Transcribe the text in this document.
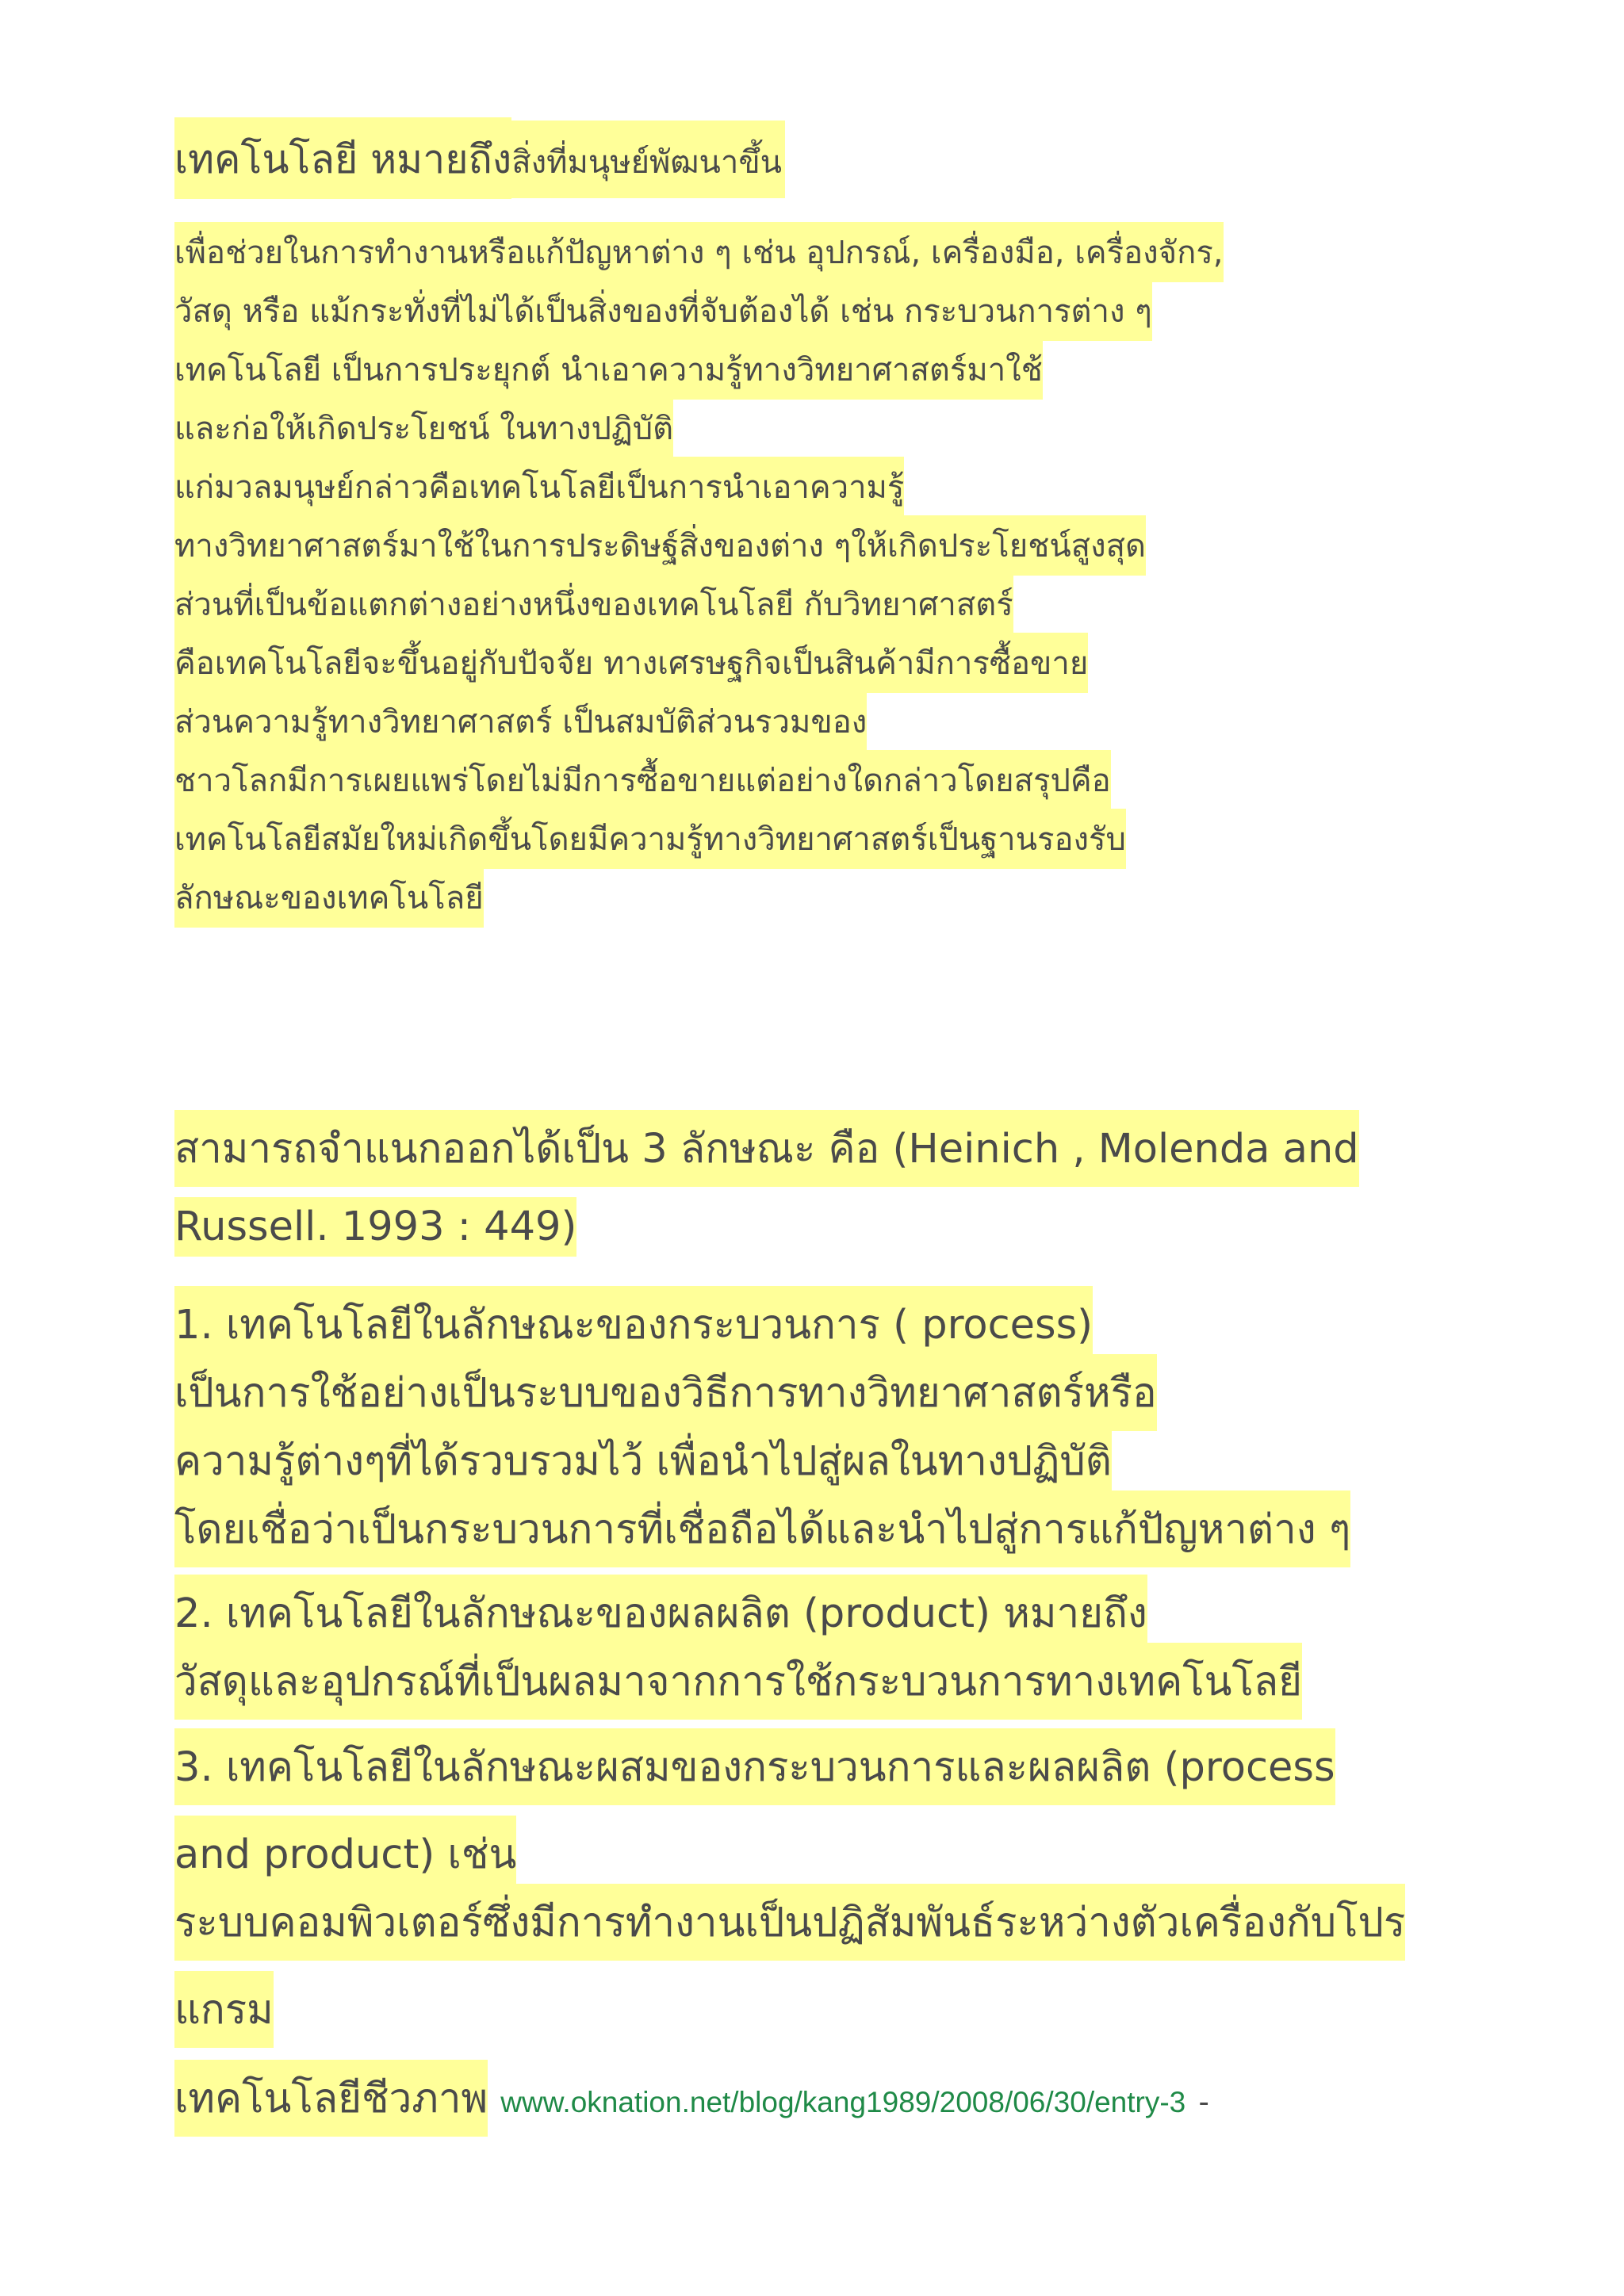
เทคโนโลยี หมายถึงสิ่งที่มนุษย์พัฒนาขึ้น
เพื่อช่วยในการทำงานหรือแก้ปัญหาต่าง ๆ เช่น อุปกรณ์, เครื่องมือ, เครื่องจักร,
วัสดุ หรือ แม้กระทั่งที่ไม่ได้เป็นสิ่งของที่จับต้องได้ เช่น กระบวนการต่าง ๆ
เทคโนโลยี เป็นการประยุกต์ นำเอาความรู้ทางวิทยาศาสตร์มาใช้
และก่อให้เกิดประโยชน์ ในทางปฏิบัติ
แก่มวลมนุษย์กล่าวคือเทคโนโลยีเป็นการนำเอาความรู้
ทางวิทยาศาสตร์มาใช้ในการประดิษฐ์สิ่งของต่าง ๆให้เกิดประโยชน์สูงสุด
ส่วนที่เป็นข้อแตกต่างอย่างหนึ่งของเทคโนโลยี กับวิทยาศาสตร์
คือเทคโนโลยีจะขึ้นอยู่กับปัจจัย ทางเศรษฐกิจเป็นสินค้ามีการซื้อขาย
ส่วนความรู้ทางวิทยาศาสตร์ เป็นสมบัติส่วนรวมของ
ชาวโลกมีการเผยแพร่โดยไม่มีการซื้อขายแต่อย่างใดกล่าวโดยสรุปคือ
เทคโนโลยีสมัยใหม่เกิดขึ้นโดยมีความรู้ทางวิทยาศาสตร์เป็นฐานรองรับ
ลักษณะของเทคโนโลยี
สามารถจำแนกออกได้เป็น 3 ลักษณะ คือ (Heinich , Molenda and
Russell. 1993 : 449)
1. เทคโนโลยีในลักษณะของกระบวนการ ( process)
เป็นการใช้อย่างเป็นระบบของวิธีการทางวิทยาศาสตร์หรือ
ความรู้ต่างๆที่ได้รวบรวมไว้ เพื่อนำไปสู่ผลในทางปฏิบัติ
โดยเชื่อว่าเป็นกระบวนการที่เชื่อถือได้และนำไปสู่การแก้ปัญหาต่าง ๆ
2. เทคโนโลยีในลักษณะของผลผลิต (product) หมายถึง
วัสดุและอุปกรณ์ที่เป็นผลมาจากการใช้กระบวนการทางเทคโนโลยี
3. เทคโนโลยีในลักษณะผสมของกระบวนการและผลผลิต (process
and product) เช่น
ระบบคอมพิวเตอร์ซึ่งมีการทำงานเป็นปฏิสัมพันธ์ระหว่างตัวเครื่องกับโปร
แกรม
เทคโนโลยีชีวภาพ www.oknation.net/blog/kang1989/2008/06/30/entry-3 -
